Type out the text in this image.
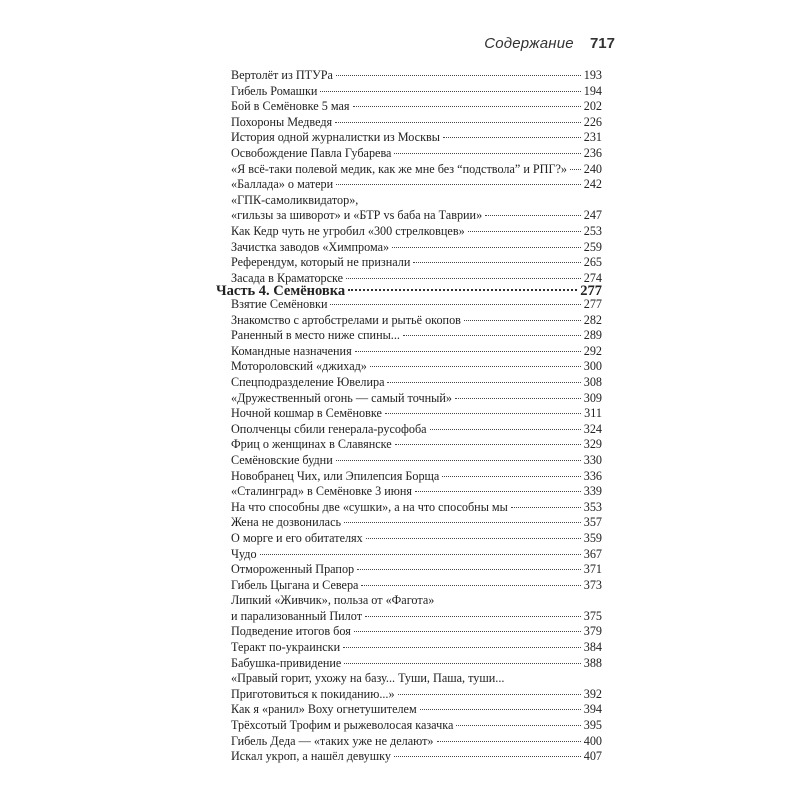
Содержание 717
Вертолёт из ПТУРа	193
Гибель Ромашки	194
Бой в Семёновке 5 мая	202
Похороны Медведя	226
История одной журналистки из Москвы	231
Освобождение Павла Губарева	236
«Я всё-таки полевой медик, как же мне без “подствола” и РПГ?» 240
«Баллада» о матери	242
«ГПК-самоликвидатор»,
«гильзы за шиворот» и «БТР vs баба на Таврии»	247
Как Кедр чуть не угробил «300 стрелковцев»	253
Зачистка заводов «Химпрома»	259
Референдум, который не признали	265
Засада в Краматорске	274
Часть 4. Семёновка	277
Взятие Семёновки	277
Знакомство с артобстрелами и рытьё окопов	282
Раненный в место ниже спины...	289
Командные назначения	292
Мотороловский «джихад»	300
Спецподразделение Ювелира	308
«Дружественный огонь — самый точный»	309
Ночной кошмар в Семёновке	311
Ополченцы сбили генерала-русофоба	324
Фриц о женщинах в Славянске	329
Семёновские будни	330
Новобранец Чих, или Эпилепсия Борща	336
«Сталинград» в Семёновке 3 июня	339
На что способны две «сушки», а на что способны мы	353
Жена не дозвонилась	357
О морге и его обитателях	359
Чудо	367
Отмороженный Прапор	371
Гибель Цыгана и Севера	373
Липкий «Живчик», польза от «Фагота»
и парализованный Пилот	375
Подведение итогов боя	379
Теракт по-украински	384
Бабушка-привидение	388
«Правый горит, ухожу на базу... Туши, Паша, туши...
Приготовиться к покиданию...»	392
Как я «ранил» Воху огнетушителем	394
Трёхсотый Трофим и рыжеволосая казачка	395
Гибель Деда — «таких уже не делают»	400
Искал укроп, а нашёл девушку	407
